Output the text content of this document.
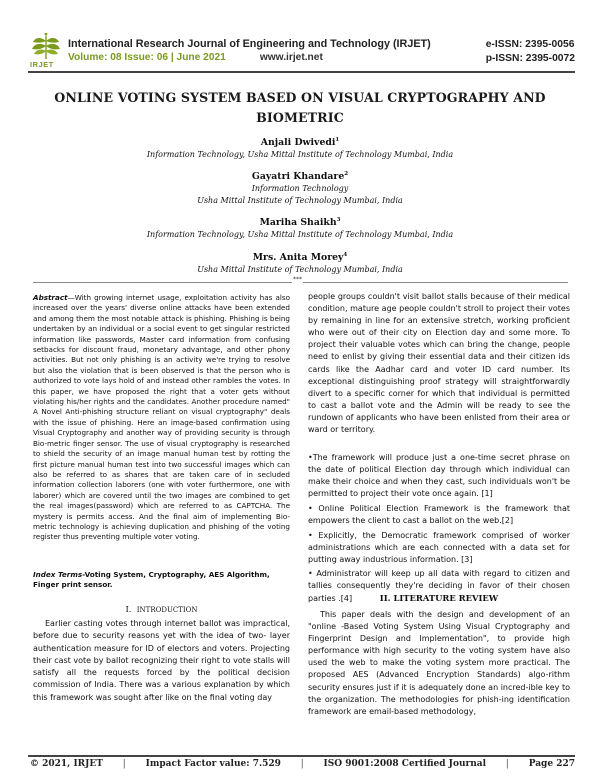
IRJET
International Research Journal of Engineering and Technology (IRJET)
Volume: 08 Issue: 06 | June 2021	www.irjet.net
e-ISSN: 2395-0056
p-ISSN: 2395-0072
ONLINE VOTING SYSTEM BASED ON VISUAL CRYPTOGRAPHY AND
BIOMETRIC
Anjali Dwivedi$^1$
Information Technology, Usha Mittal Institute of Technology Mumbai, India
Gayatri Khandare$^2$
Information Technology
Usha Mittal Institute of Technology Mumbai, India
Mariha Shaikh$^3$
Information Technology, Usha Mittal Institute of Technology Mumbai, India
Mrs. Anita Morey$^4$
Usha Mittal Institute of Technology Mumbai, India
***
Abstract—With growing internet usage, exploitation activity has also increased over the years' diverse online attacks have been extended and among them the most notable attack is phishing. Phishing is being undertaken by an individual or a social event to get singular restricted information like passwords, Master card information from confusing setbacks for discount fraud, monetary advantage, and other phony activities. But not only phishing is an activity we're trying to resolve but also the violation that is been observed is that the person who is authorized to vote lays hold of and instead other rambles the votes. In this paper, we have proposed the right that a voter gets without violating his/her rights and the candidates. Another procedure named" A Novel Anti-phishing structure reliant on visual cryptography" deals with the issue of phishing. Here an image-based confirmation using Visual Cryptography and another way of providing security is through Bio-metric finger sensor. The use of visual cryptography is researched to shield the security of an image manual human test by rotting the first picture manual human test into two successful images which can also be referred to as shares that are taken care of in secluded information collection laborers (one with voter furthermore, one with laborer) which are covered until the two images are combined to get the real images(password) which are referred to as CAPTCHA. The mystery is permits access. And the final aim of implementing Bio-metric technology is achieving duplication and phishing of the voting register thus preventing multiple voter voting.
Index Terms-Voting System, Cryptography, AES Algorithm, Finger print sensor.
I. INTRODUCTION
Earlier casting votes through internet ballot was impractical, before due to security reasons yet with the idea of two- layer authentication measure for ID of electors and voters. Projecting their cast vote by ballot recognizing their right to vote stalls will satisfy all the requests forced by the political decision commission of India. There was a various explanation by which this framework was sought after like on the final voting day
people groups couldn't visit ballot stalls because of their medical condition, mature age people couldn't stroll to project their votes by remaining in line for an extensive stretch, working proficient who were out of their city on Election day and some more. To project their valuable votes which can bring the change, people need to enlist by giving their essential data and their citizen ids cards like the Aadhar card and voter ID card number. Its exceptional distinguishing proof strategy will straightforwardly divert to a specific corner for which that individual is permitted to cast a ballot vote and the Admin will be ready to see the rundown of applicants who have been enlisted from their area or ward or territory.

•The framework will produce just a one-time secret phrase on the date of political Election day through which individual can make their choice and when they cast, such individuals won't be permitted to project their vote once again. [1]

• Online Political Election Framework is the framework that empowers the client to cast a ballot on the web.[2]

• Explicitly, the Democratic framework comprised of worker administrations which are each connected with a data set for putting away industrious information. [3]

• Administrator will keep up all data with regard to citizen and tallies consequently they're deciding in favor of their chosen parties .[4]	II. LITERATURE REVIEW
This paper deals with the design and development of an "online -Based Voting System Using Visual Cryptography and Fingerprint Design and Implementation", to provide high performance with high security to the voting system have also used the web to make the voting system more practical. The proposed AES (Advanced Encryption Standards) algo-rithm security ensures just if it is adequately done an incred-ible key to the organization. The methodologies for phish-ing identification framework are email-based methodology,
© 2021, IRJET | Impact Factor value: 7.529 | ISO 9001:2008 Certified Journal | Page 227
